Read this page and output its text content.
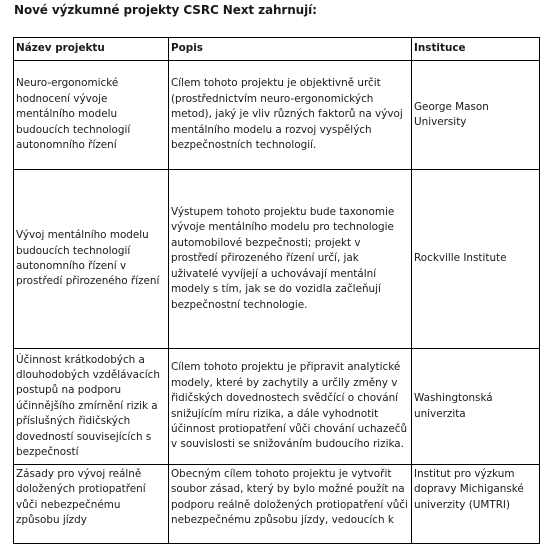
Nové výzkumné projekty CSRC Next zahrnují:
Název projektu	Popis	Instituce
Neuro-ergonomické hodnocení vývoje mentálního modelu budoucích technologií autonomního řízení	Cílem tohoto projektu je objektivně určit (prostřednictvím neuro-ergonomických metod), jaký je vliv různých faktorů na vývoj mentálního modelu a rozvoj vyspělých bezpečnostních technologií.	George Mason University
Vývoj mentálního modelu budoucích technologií autonomního řízení v prostředí přirozeného řízení	Výstupem tohoto projektu bude taxonomie vývoje mentálního modelu pro technologie automobilové bezpečnosti; projekt v prostředí přirozeného řízení určí, jak uživatelé vyvíjejí a uchovávají mentální modely s tím, jak se do vozidla začleňují bezpečnostní technologie.	Rockville Institute
Účinnost krátkodobých a dlouhodobých vzdělávacích postupů na podporu účinnějšího zmírnění rizik a příslušných řidičských dovedností souvisejících s bezpečností	Cílem tohoto projektu je připravit analytické modely, které by zachytily a určily změny v řidičských dovednostech svědčící o chování snižujícím míru rizika, a dále vyhodnotit účinnost protiopatření vůči chování uchazečů v souvislosti se snižováním budoucího rizika.	Washingtonská univerzita

Zásady pro vývoj reálně doložených protiopatření vůči nebezpečnému způsobu jízdy	Obecným cílem tohoto projektu je vytvořit soubor zásad, který by bylo možné použít na podporu reálně doložených protiopatření vůči nebezpečnému způsobu jízdy, vedoucích k	Institut pro výzkum dopravy Michiganské univerzity (UMTRI)
